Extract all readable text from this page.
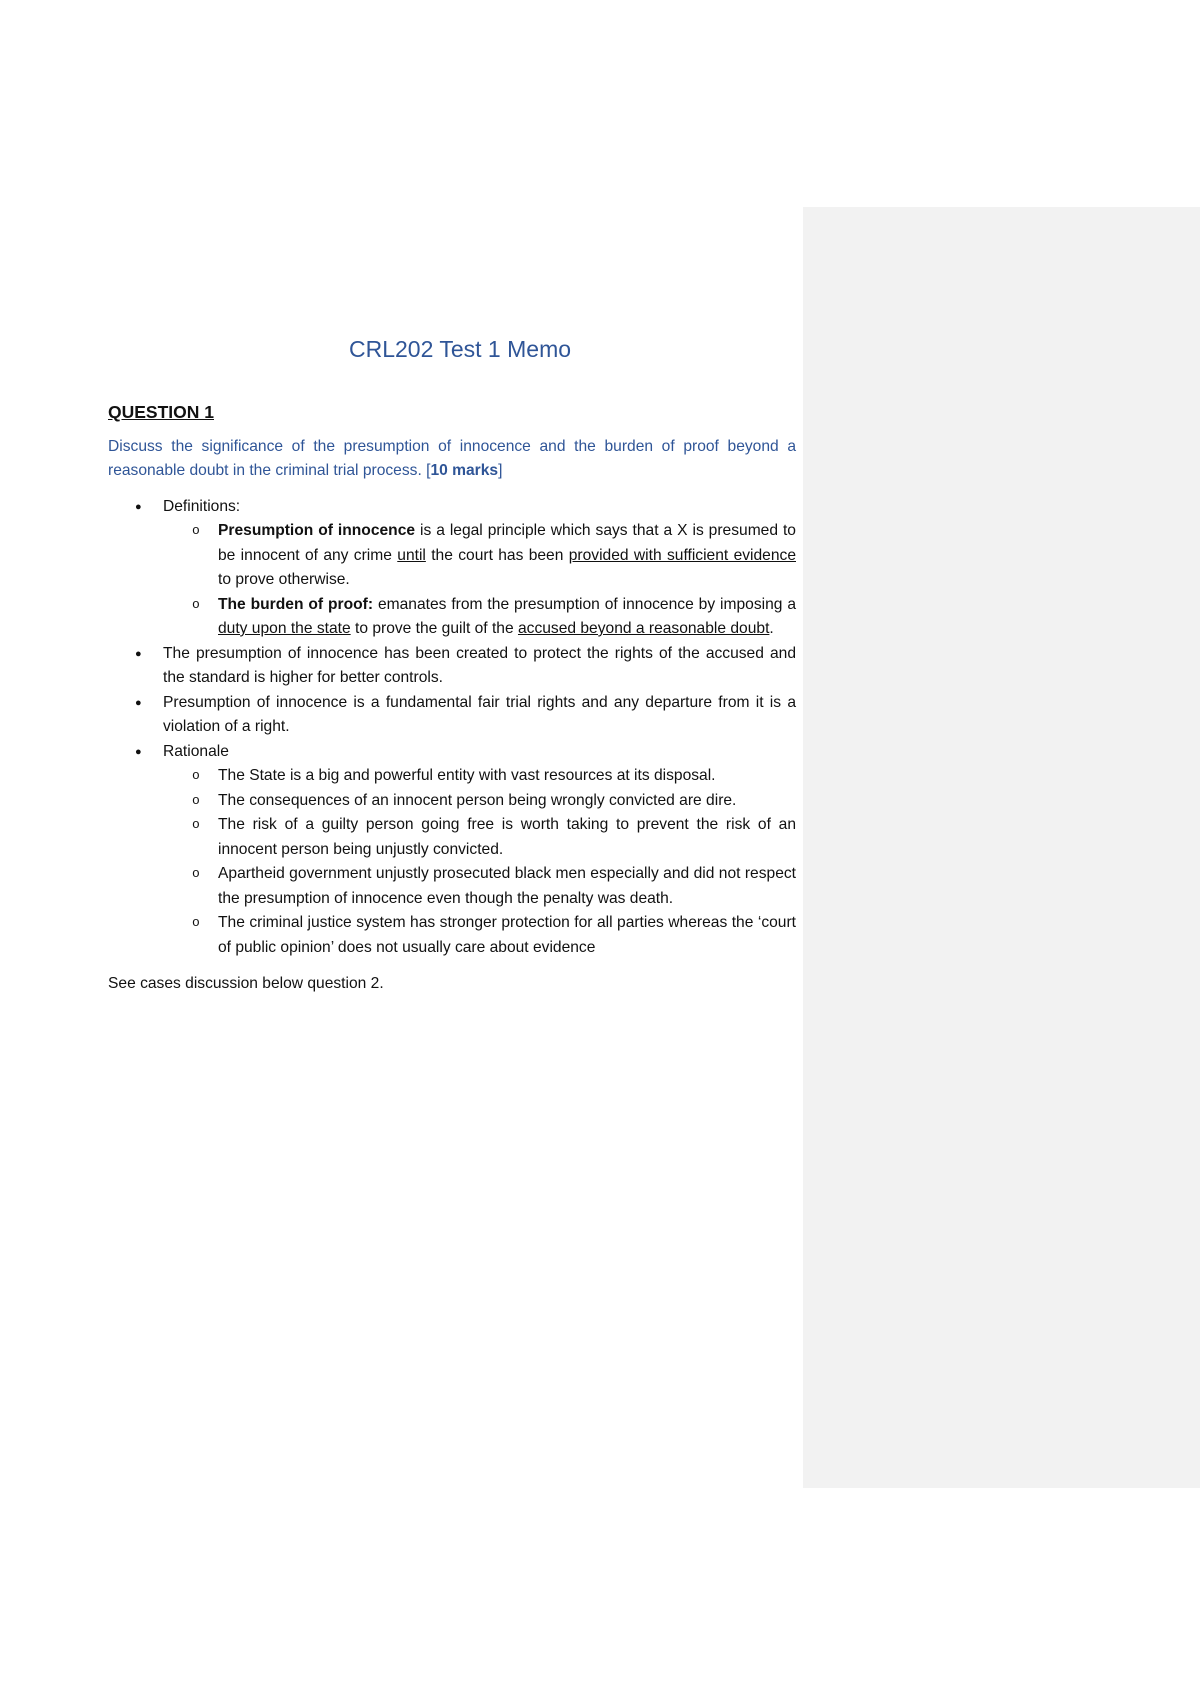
CRL202 Test 1 Memo
QUESTION 1

Discuss the significance of the presumption of innocence and the burden of proof beyond a reasonable doubt in the criminal trial process. [10 marks]

● Definitions:
o Presumption of innocence is a legal principle which says that a X is presumed to be innocent of any crime until the court has been provided with sufficient evidence to prove otherwise.
o The burden of proof: emanates from the presumption of innocence by imposing a duty upon the state to prove the guilt of the accused beyond a reasonable doubt.
● The presumption of innocence has been created to protect the rights of the accused and the standard is higher for better controls.
● Presumption of innocence is a fundamental fair trial rights and any departure from it is a violation of a right.
● Rationale
o The State is a big and powerful entity with vast resources at its disposal.
o The consequences of an innocent person being wrongly convicted are dire.
o The risk of a guilty person going free is worth taking to prevent the risk of an innocent person being unjustly convicted.
o Apartheid government unjustly prosecuted black men especially and did not respect the presumption of innocence even though the penalty was death.
o The criminal justice system has stronger protection for all parties whereas the ‘court of public opinion’ does not usually care about evidence

See cases discussion below question 2.
